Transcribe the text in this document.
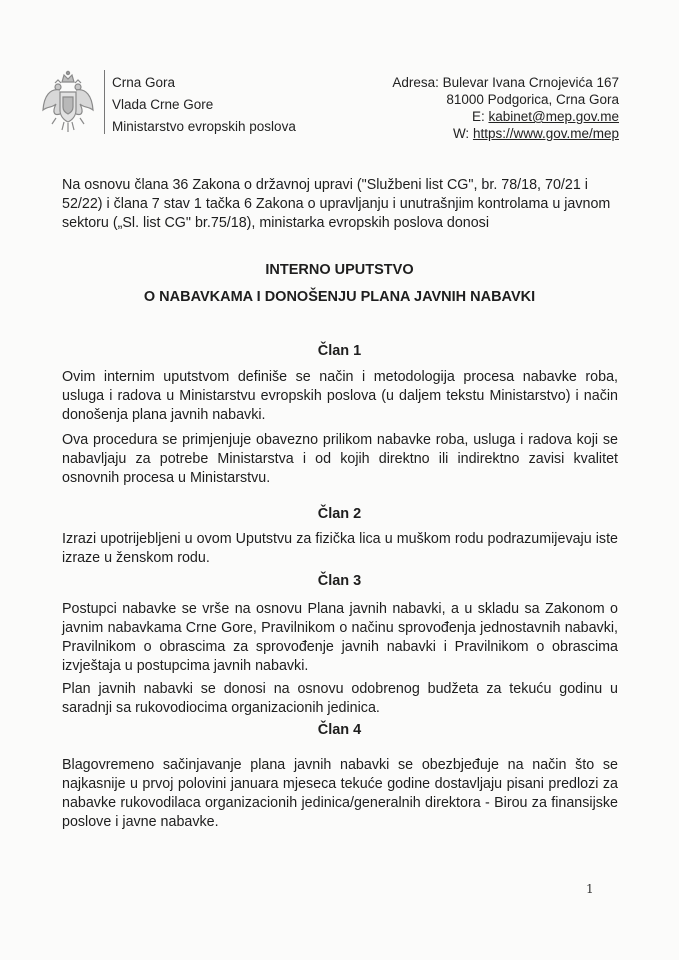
Crna Gora
Vlada Crne Gore
Ministarstvo evropskih poslova
Adresa: Bulevar Ivana Crnojevića 167
81000 Podgorica, Crna Gora
E: kabinet@mep.gov.me
W: https://www.gov.me/mep
Na osnovu člana 36 Zakona o državnoj upravi ("Službeni list CG", br. 78/18, 70/21 i 52/22) i člana 7 stav 1 tačka 6 Zakona o upravljanju i unutrašnjim kontrolama u javnom sektoru („Sl. list CG" br.75/18), ministarka evropskih poslova donosi
INTERNO UPUTSTVO
O NABAVKAMA I DONOŠENJU PLANA JAVNIH NABAVKI
Član 1
Ovim internim uputstvom definiše se način i metodologija procesa nabavke roba, usluga i radova u Ministarstvu evropskih poslova (u daljem tekstu Ministarstvo) i način donošenja plana javnih nabavki.
Ova procedura se primjenjuje obavezno prilikom nabavke roba, usluga i radova koji se nabavljaju za potrebe Ministarstva i od kojih direktno ili indirektno zavisi kvalitet osnovnih procesa u Ministarstvu.
Član 2
Izrazi upotrijebljeni u ovom Uputstvu za fizička lica u muškom rodu podrazumijevaju iste izraze u ženskom rodu.
Član 3
Postupci nabavke se vrše na osnovu Plana javnih nabavki, a u skladu sa Zakonom o javnim nabavkama Crne Gore, Pravilnikom o načinu sprovođenja jednostavnih nabavki, Pravilnikom o obrascima za sprovođenje javnih nabavki i Pravilnikom o obrascima izvještaja u postupcima javnih nabavki.
Plan javnih nabavki se donosi na osnovu odobrenog budžeta za tekuću godinu u saradnji sa rukovodiocima organizacionih jedinica.
Član 4
Blagovremeno sačinjavanje plana javnih nabavki se obezbjeđuje na način što se najkasnije u prvoj polovini januara mjeseca tekuće godine dostavljaju pisani predlozi za nabavke rukovodilaca organizacionih jedinica/generalnih direktora - Birou za finansijske poslove i javne nabavke.
1
